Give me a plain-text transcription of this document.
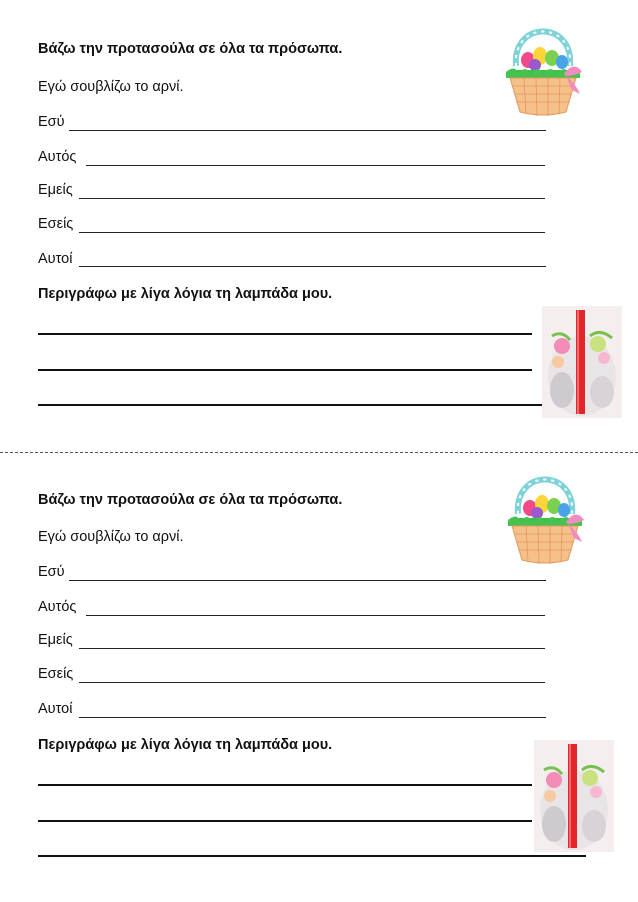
Βάζω την προτασούλα σε όλα τα πρόσωπα.
Εγώ σουβλίζω το αρνί.
Εσύ
Αυτός
Εμείς
Εσείς
Αυτοί
Περιγράφω με λίγα λόγια τη λαμπάδα μου.
Βάζω την προτασούλα σε όλα τα πρόσωπα.
Εγώ σουβλίζω το αρνί.
Εσύ
Αυτός
Εμείς
Εσείς
Αυτοί
Περιγράφω με λίγα λόγια τη λαμπάδα μου.
